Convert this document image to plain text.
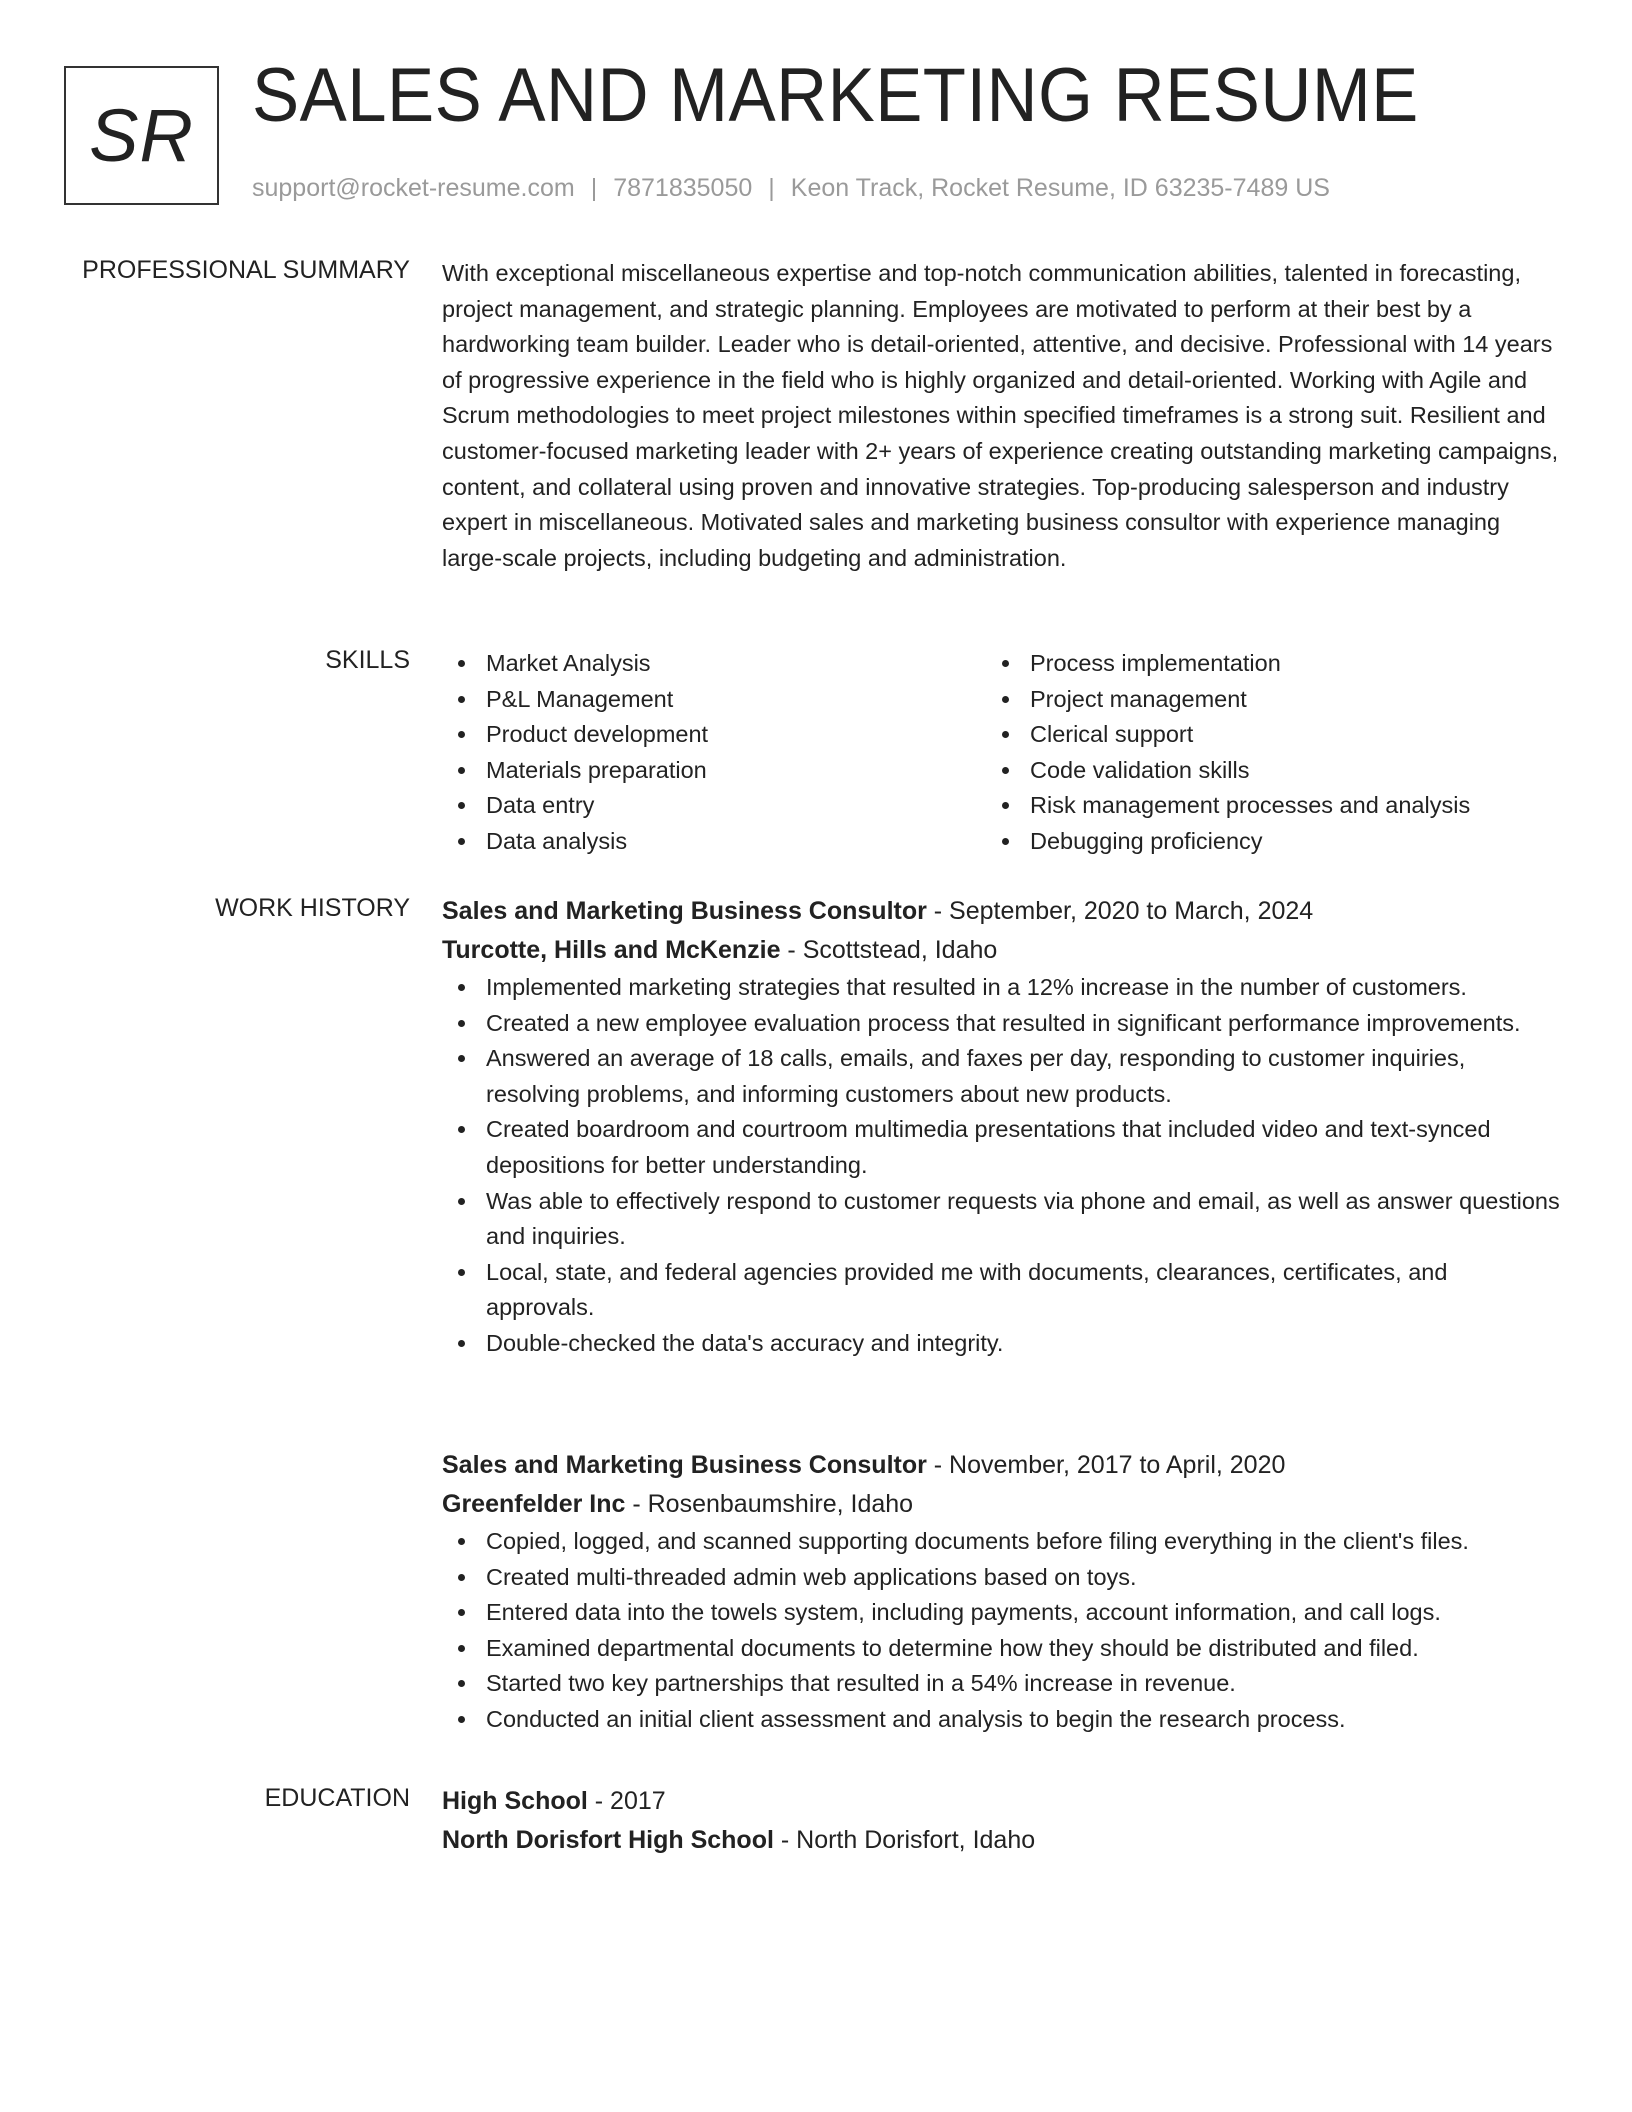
SR SALES AND MARKETING RESUME
support@rocket-resume.com | 7871835050 | Keon Track, Rocket Resume, ID 63235-7489 US
PROFESSIONAL SUMMARY With exceptional miscellaneous expertise and top-notch communication abilities, talented in forecasting, project management, and strategic planning. Employees are motivated to perform at their best by a hardworking team builder. Leader who is detail-oriented, attentive, and decisive. Professional with 14 years of progressive experience in the field who is highly organized and detail-oriented. Working with Agile and Scrum methodologies to meet project milestones within specified timeframes is a strong suit. Resilient and customer-focused marketing leader with 2+ years of experience creating outstanding marketing campaigns, content, and collateral using proven and innovative strategies. Top-producing salesperson and industry expert in miscellaneous. Motivated sales and marketing business consultor with experience managing large-scale projects, including budgeting and administration.

SKILLS	Market Analysis
P&L Management
Product development
Materials preparation
Data entry
Data analysis
Process implementation
Project management
Clerical support
Code validation skills
Risk management processes and analysis
Debugging proficiency
WORK HISTORY Sales and Marketing Business Consultor - September, 2020 to March, 2024
Turcotte, Hills and McKenzie - Scottstead, Idaho
Implemented marketing strategies that resulted in a 12% increase in the number of customers.
Created a new employee evaluation process that resulted in significant performance improvements.
Answered an average of 18 calls, emails, and faxes per day, responding to customer inquiries, resolving problems, and informing customers about new products.
Created boardroom and courtroom multimedia presentations that included video and text-synced depositions for better understanding.
Was able to effectively respond to customer requests via phone and email, as well as answer questions and inquiries.
Local, state, and federal agencies provided me with documents, clearances, certificates, and approvals.
Double-checked the data's accuracy and integrity.
Sales and Marketing Business Consultor - November, 2017 to April, 2020
Greenfelder Inc - Rosenbaumshire, Idaho
Copied, logged, and scanned supporting documents before filing everything in the client's files.
Created multi-threaded admin web applications based on toys.
Entered data into the towels system, including payments, account information, and call logs.
Examined departmental documents to determine how they should be distributed and filed.
Started two key partnerships that resulted in a 54% increase in revenue.
Conducted an initial client assessment and analysis to begin the research process.
EDUCATION High School - 2017
North Dorisfort High School - North Dorisfort, Idaho
